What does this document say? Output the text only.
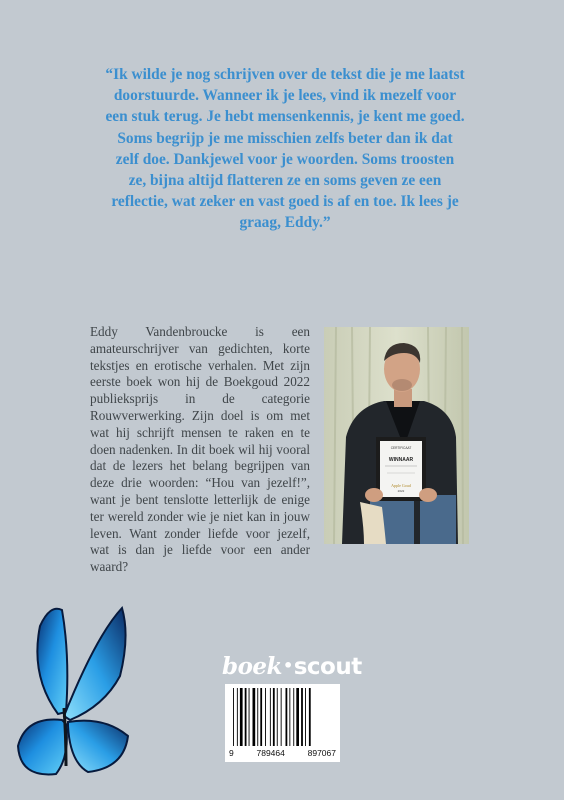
“Ik wilde je nog schrijven over de tekst die je me laatst
doorstuurde. Wanneer ik je lees, vind ik mezelf voor
een stuk terug. Je hebt mensenkennis, je kent me goed.
Soms begrijp je me misschien zelfs beter dan ik dat
zelf doe. Dankjewel voor je woorden. Soms troosten
ze, bijna altijd flatteren ze en soms geven ze een
reflectie, wat zeker en vast goed is af en toe. Ik lees je
graag, Eddy.”

Eddy Vandenbroucke is een amateurschrijver van gedichten, korte tekstjes en erotische verhalen. Met zijn eerste boek won hij de Boekgoud 2022 publieksprijs in de categorie Rouwverwerking. Zijn doel is om met wat hij schrijft mensen te raken en te doen nadenken. In dit boek wil hij vooral dat de lezers het belang begrijpen van deze drie woorden: “Hou van jezelf!”, want je bent tenslotte letterlijk de enige ter wereld zonder wie je niet kan in jouw leven. Want zonder liefde voor jezelf, wat is dan je liefde voor een ander waard?

CERTIFICAAT
WINNAAR
Apple Goud
2022
boek•scout
9	789464	897067
